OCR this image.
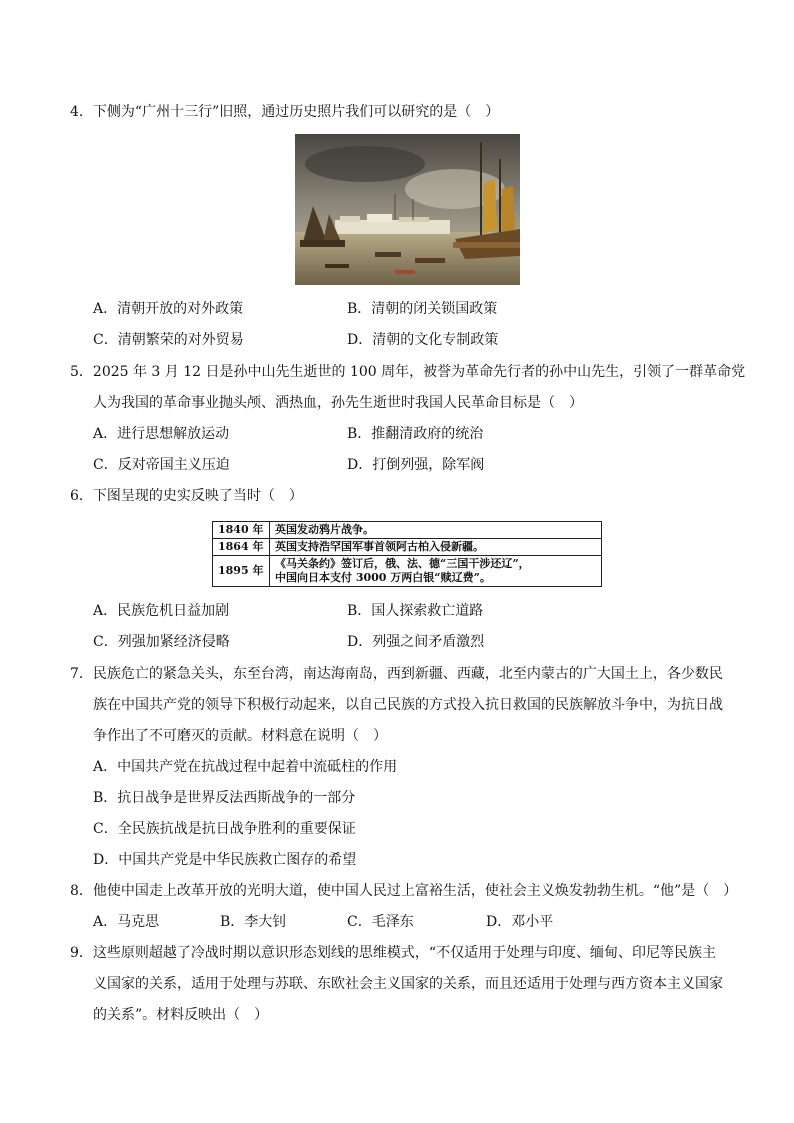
4．下侧为“广州十三行”旧照，通过历史照片我们可以研究的是（　）
A．清朝开放的对外政策	B．清朝的闭关锁国政策
C．清朝繁荣的对外贸易	D．清朝的文化专制政策
5．2025 年 3 月 12 日是孙中山先生逝世的 100 周年，被誉为革命先行者的孙中山先生，引领了一群革命党
人为我国的革命事业抛头颅、洒热血，孙先生逝世时我国人民革命目标是（　）
A．进行思想解放运动	B．推翻清政府的统治
C．反对帝国主义压迫	D．打倒列强，除军阀
6．下图呈现的史实反映了当时（　）
1840 年	英国发动鸦片战争。
1864 年	英国支持浩罕国军事首领阿古柏入侵新疆。
1895 年	《马关条约》签订后，俄、法、德“三国干涉还辽”，
中国向日本支付 3000 万两白银“赎辽费”。
A．民族危机日益加剧	B．国人探索救亡道路
C．列强加紧经济侵略	D．列强之间矛盾激烈
7．民族危亡的紧急关头，东至台湾，南达海南岛，西到新疆、西藏，北至内蒙古的广大国土上，各少数民
族在中国共产党的领导下积极行动起来，以自己民族的方式投入抗日救国的民族解放斗争中，为抗日战
争作出了不可磨灭的贡献。材料意在说明（　）
A．中国共产党在抗战过程中起着中流砥柱的作用
B．抗日战争是世界反法西斯战争的一部分
C．全民族抗战是抗日战争胜利的重要保证
D．中国共产党是中华民族救亡图存的希望
8．他使中国走上改革开放的光明大道，使中国人民过上富裕生活，使社会主义焕发勃勃生机。“他”是（　）
A．马克思	B．李大钊	C．毛泽东	D．邓小平
9．这些原则超越了冷战时期以意识形态划线的思维模式，“不仅适用于处理与印度、缅甸、印尼等民族主
义国家的关系，适用于处理与苏联、东欧社会主义国家的关系，而且还适用于处理与西方资本主义国家
的关系”。材料反映出（　）
